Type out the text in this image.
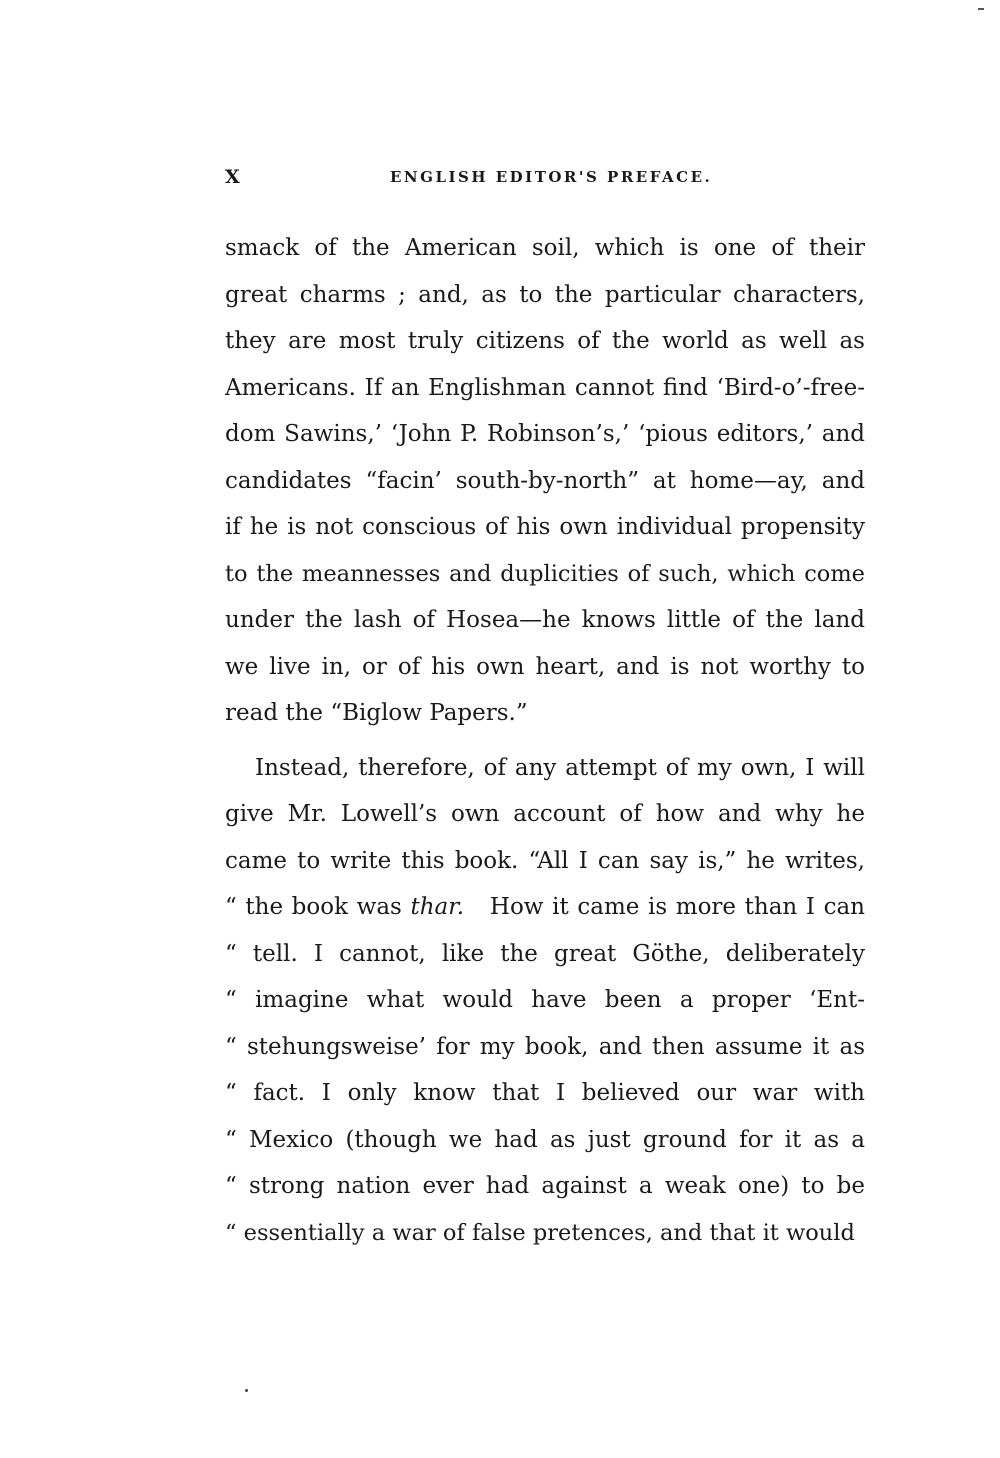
X	ENGLISH EDITOR'S PREFACE.
smack of the American soil, which is one of their
great charms ; and, as to the particular characters,
they are most truly citizens of the world as well as
Americans. If an Englishman cannot find ‘Bird-o’-free-
dom Sawins,’ ‘John P. Robinson’s,’ ‘pious editors,’ and
candidates “facin’ south-by-north” at home—ay, and
if he is not conscious of his own individual propensity
to the meannesses and duplicities of such, which come
under the lash of Hosea—he knows little of the land
we live in, or of his own heart, and is not worthy to
read the “Biglow Papers.”
Instead, therefore, of any attempt of my own, I will
give Mr. Lowell’s own account of how and why he
came to write this book. “All I can say is,” he writes,
“ the book was thar. How it came is more than I can
“ tell. I cannot, like the great Göthe, deliberately
“ imagine what would have been a proper ‘Ent-
“ stehungsweise’ for my book, and then assume it as
“ fact. I only know that I believed our war with
“ Mexico (though we had as just ground for it as a
“ strong nation ever had against a weak one) to be
“ essentially a war of false pretences, and that it would
